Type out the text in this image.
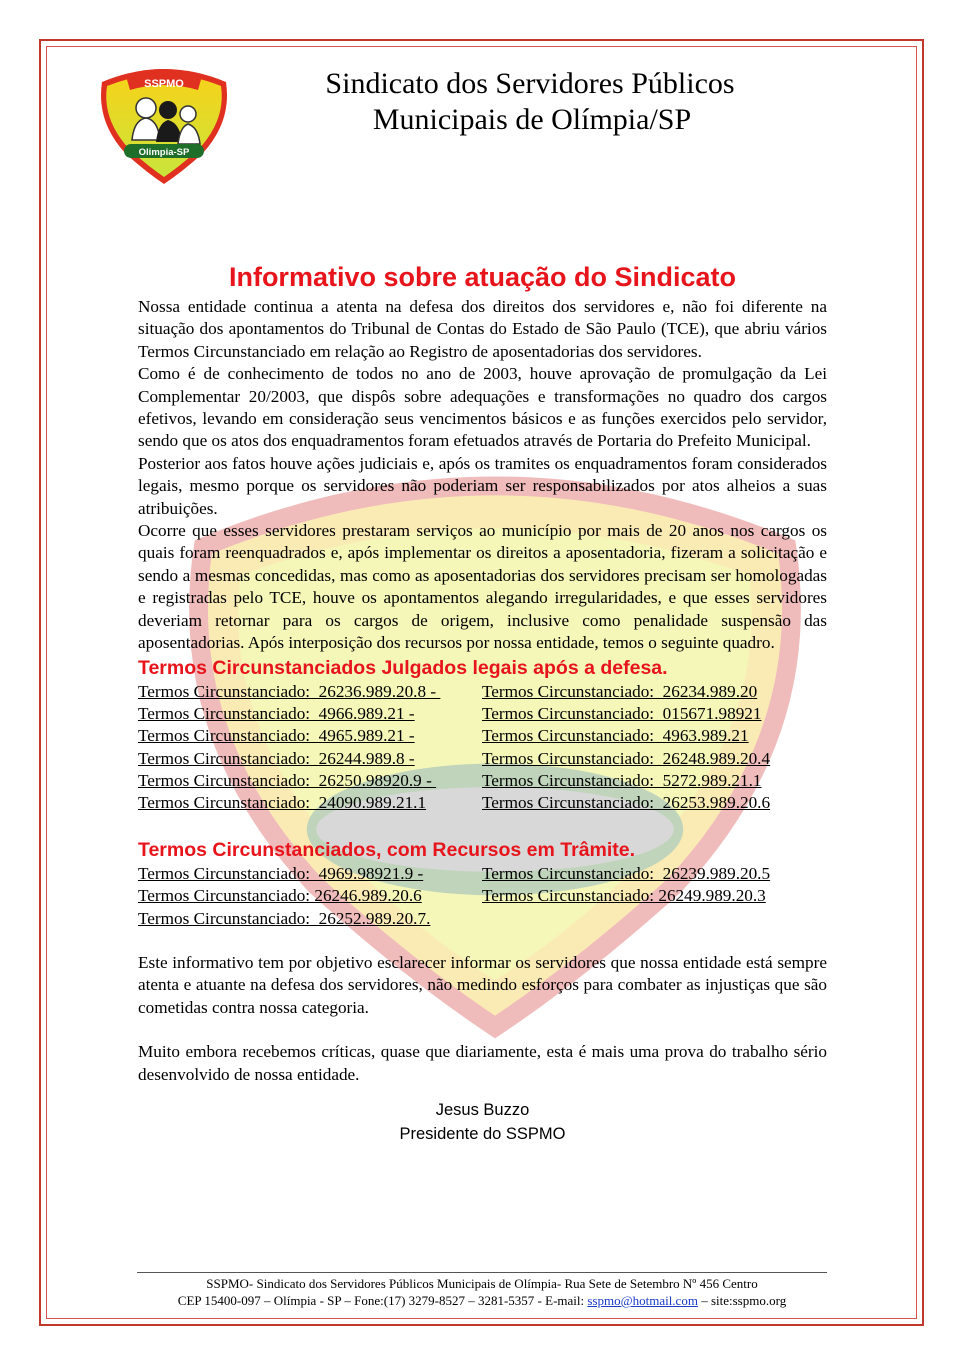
SSPMO
Olimpia-SP
Sindicato dos Servidores Públicos
Municipais de Olímpia/SP
Informativo sobre atuação do Sindicato

Nossa entidade continua a atenta na defesa dos direitos dos servidores e, não foi diferente na situação dos apontamentos do Tribunal de Contas do Estado de São Paulo (TCE), que abriu vários Termos Circunstanciado em relação ao Registro de aposentadorias dos servidores.

Como é de conhecimento de todos no ano de 2003, houve aprovação de promulgação da Lei Complementar 20/2003, que dispôs sobre adequações e transformações no quadro dos cargos efetivos, levando em consideração seus vencimentos básicos e as funções exercidos pelo servidor, sendo que os atos dos enquadramentos foram efetuados através de Portaria do Prefeito Municipal.

Posterior aos fatos houve ações judiciais e, após os tramites os enquadramentos foram considerados legais, mesmo porque os servidores não poderiam ser responsabilizados por atos alheios a suas atribuições.

Ocorre que esses servidores prestaram serviços ao município por mais de 20 anos nos cargos os quais foram reenquadrados e, após implementar os direitos a aposentadoria, fizeram a solicitação e sendo a mesmas concedidas, mas como as aposentadorias dos servidores precisam ser homologadas e registradas pelo TCE, houve os apontamentos alegando irregularidades, e que esses servidores deveriam retornar para os cargos de origem, inclusive como penalidade suspensão das aposentadorias. Após interposição dos recursos por nossa entidade, temos o seguinte quadro.

Termos Circunstanciados Julgados legais após a defesa.
Termos Circunstanciado:  26236.989.20.8 -	Termos Circunstanciado:  26234.989.20
Termos Circunstanciado:  4966.989.21 -	Termos Circunstanciado:  015671.98921
Termos Circunstanciado:  4965.989.21 -	Termos Circunstanciado:  4963.989.21
Termos Circunstanciado:  26244.989.8 -	Termos Circunstanciado:  26248.989.20.4
Termos Circunstanciado:  26250.98920.9 -	Termos Circunstanciado:  5272.989.21.1
Termos Circunstanciado:  24090.989.21.1	Termos Circunstanciado:  26253.989.20.6
Termos Circunstanciados, com Recursos em Trâmite.
Termos Circunstanciado:  4969.98921.9 -	Termos Circunstanciado:  26239.989.20.5
Termos Circunstanciado: 26246.989.20.6	Termos Circunstanciado: 26249.989.20.3
Termos Circunstanciado:  26252.989.20.7.

Este informativo tem por objetivo esclarecer informar os servidores que nossa entidade está sempre atenta e atuante na defesa dos servidores, não medindo esforços para combater as injustiças que são cometidas contra nossa categoria.

Muito embora recebemos críticas, quase que diariamente, esta é mais uma prova do trabalho sério desenvolvido de nossa entidade.

Jesus Buzzo
Presidente do SSPMO
SSPMO- Sindicato dos Servidores Públicos Municipais de Olímpia- Rua Sete de Setembro Nº 456 Centro
CEP 15400-097 – Olímpia - SP – Fone:(17) 3279-8527 – 3281-5357 - E-mail: sspmo@hotmail.com – site:sspmo.org
